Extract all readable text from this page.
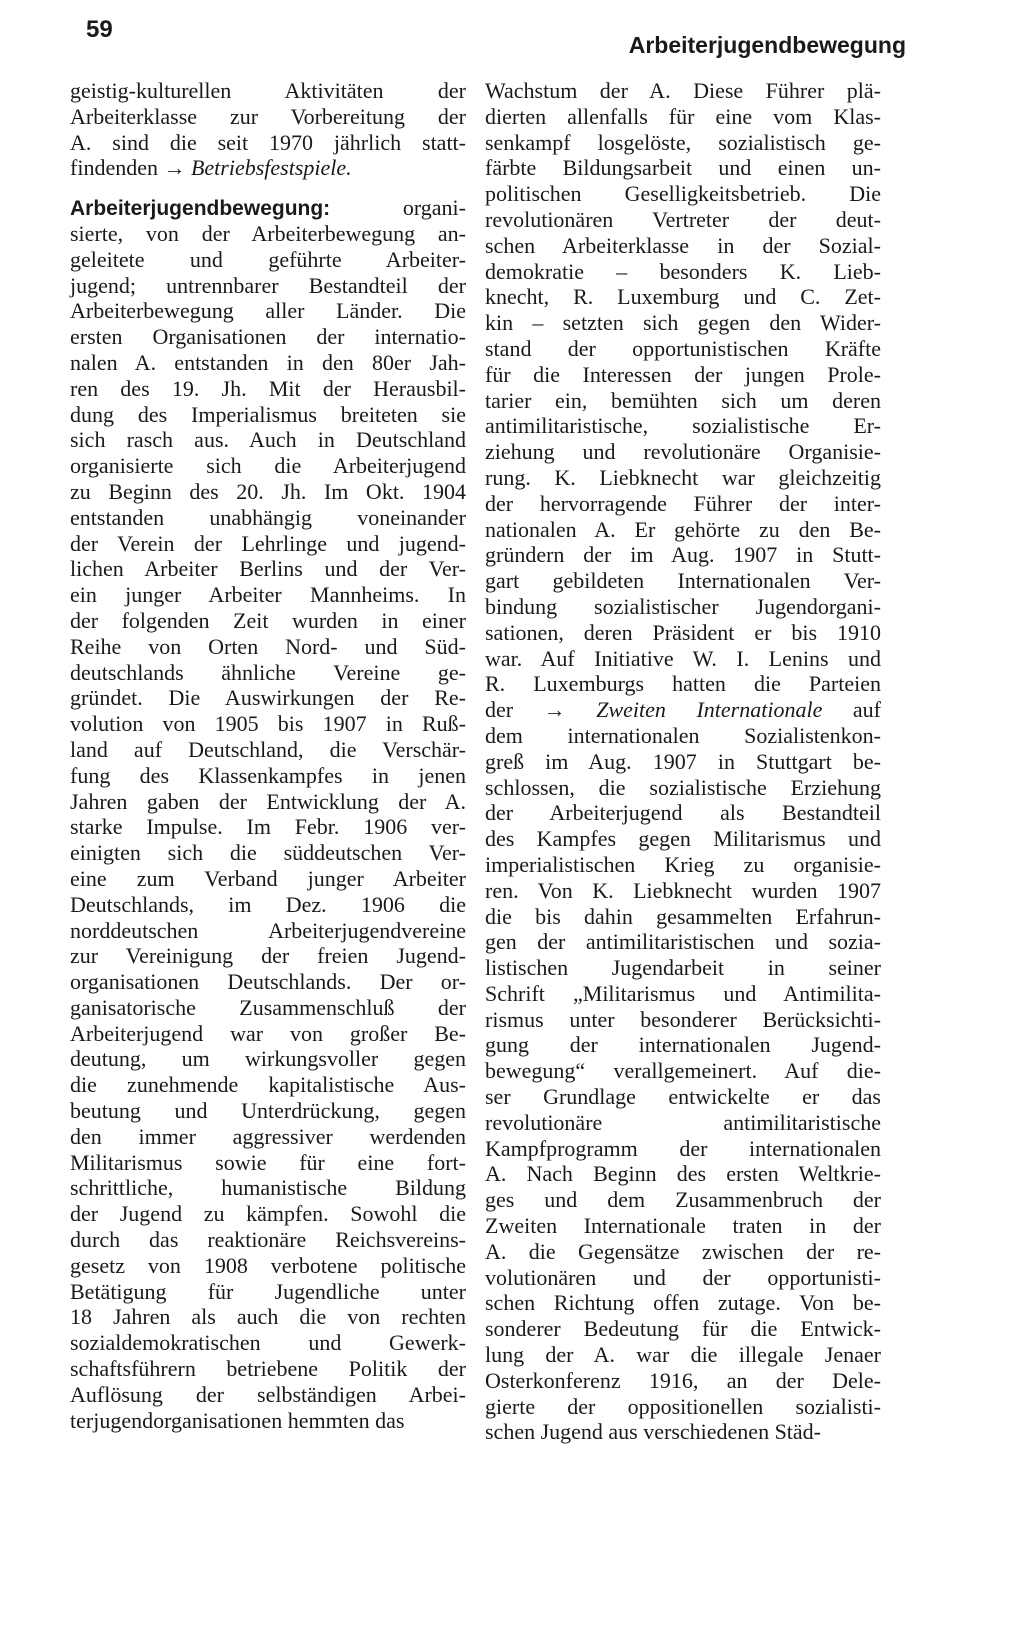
59
Arbeiterjugendbewegung
geistig-kulturellen Aktivitäten der
Arbeiterklasse zur Vorbereitung der
A. sind die seit 1970 jährlich statt-
findenden → Betriebsfestspiele.
Arbeiterjugendbewegung: organi-
sierte, von der Arbeiterbewegung an-
geleitete und geführte Arbeiter-
jugend; untrennbarer Bestandteil der
Arbeiterbewegung aller Länder. Die
ersten Organisationen der internatio-
nalen A. entstanden in den 80er Jah-
ren des 19. Jh. Mit der Herausbil-
dung des Imperialismus breiteten sie
sich rasch aus. Auch in Deutschland
organisierte sich die Arbeiterjugend
zu Beginn des 20. Jh. Im Okt. 1904
entstanden unabhängig voneinander
der Verein der Lehrlinge und jugend-
lichen Arbeiter Berlins und der Ver-
ein junger Arbeiter Mannheims. In
der folgenden Zeit wurden in einer
Reihe von Orten Nord- und Süd-
deutschlands ähnliche Vereine ge-
gründet. Die Auswirkungen der Re-
volution von 1905 bis 1907 in Ruß-
land auf Deutschland, die Verschär-
fung des Klassenkampfes in jenen
Jahren gaben der Entwicklung der A.
starke Impulse. Im Febr. 1906 ver-
einigten sich die süddeutschen Ver-
eine zum Verband junger Arbeiter
Deutschlands, im Dez. 1906 die
norddeutschen Arbeiterjugendvereine
zur Vereinigung der freien Jugend-
organisationen Deutschlands. Der or-
ganisatorische Zusammenschluß der
Arbeiterjugend war von großer Be-
deutung, um wirkungsvoller gegen
die zunehmende kapitalistische Aus-
beutung und Unterdrückung, gegen
den immer aggressiver werdenden
Militarismus sowie für eine fort-
schrittliche, humanistische Bildung
der Jugend zu kämpfen. Sowohl die
durch das reaktionäre Reichsvereins-
gesetz von 1908 verbotene politische
Betätigung für Jugendliche unter
18 Jahren als auch die von rechten
sozialdemokratischen und Gewerk-
schaftsführern betriebene Politik der
Auflösung der selbständigen Arbei-
terjugendorganisationen hemmten das
Wachstum der A. Diese Führer plä-
dierten allenfalls für eine vom Klas-
senkampf losgelöste, sozialistisch ge-
färbte Bildungsarbeit und einen un-
politischen Geselligkeitsbetrieb. Die
revolutionären Vertreter der deut-
schen Arbeiterklasse in der Sozial-
demokratie – besonders K. Lieb-
knecht, R. Luxemburg und C. Zet-
kin – setzten sich gegen den Wider-
stand der opportunistischen Kräfte
für die Interessen der jungen Prole-
tarier ein, bemühten sich um deren
antimilitaristische, sozialistische Er-
ziehung und revolutionäre Organisie-
rung. K. Liebknecht war gleichzeitig
der hervorragende Führer der inter-
nationalen A. Er gehörte zu den Be-
gründern der im Aug. 1907 in Stutt-
gart gebildeten Internationalen Ver-
bindung sozialistischer Jugendorgani-
sationen, deren Präsident er bis 1910
war. Auf Initiative W. I. Lenins und
R. Luxemburgs hatten die Parteien
der → Zweiten Internationale auf
dem internationalen Sozialistenkon-
greß im Aug. 1907 in Stuttgart be-
schlossen, die sozialistische Erziehung
der Arbeiterjugend als Bestandteil
des Kampfes gegen Militarismus und
imperialistischen Krieg zu organisie-
ren. Von K. Liebknecht wurden 1907
die bis dahin gesammelten Erfahrun-
gen der antimilitaristischen und sozia-
listischen Jugendarbeit in seiner
Schrift „Militarismus und Antimilita-
rismus unter besonderer Berücksichti-
gung der internationalen Jugend-
bewegung“ verallgemeinert. Auf die-
ser Grundlage entwickelte er das
revolutionäre antimilitaristische
Kampfprogramm der internationalen
A. Nach Beginn des ersten Weltkrie-
ges und dem Zusammenbruch der
Zweiten Internationale traten in der
A. die Gegensätze zwischen der re-
volutionären und der opportunisti-
schen Richtung offen zutage. Von be-
sonderer Bedeutung für die Entwick-
lung der A. war die illegale Jenaer
Osterkonferenz 1916, an der Dele-
gierte der oppositionellen sozialisti-
schen Jugend aus verschiedenen Städ-
